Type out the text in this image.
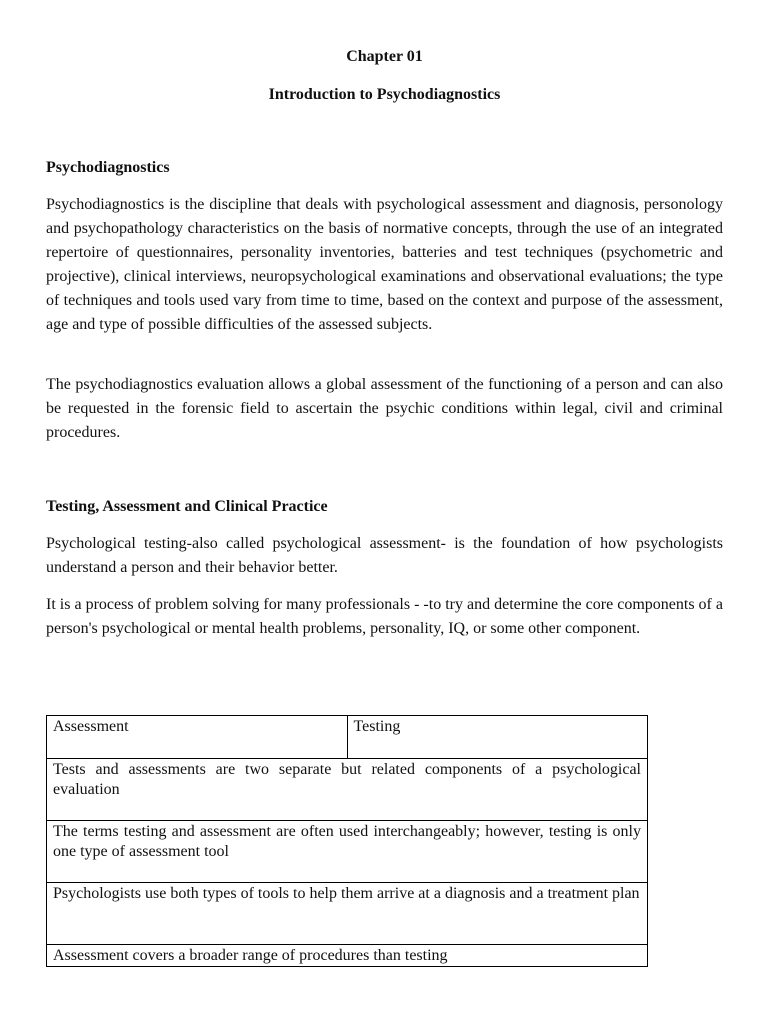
Chapter 01
Introduction to Psychodiagnostics
Psychodiagnostics

Psychodiagnostics is the discipline that deals with psychological assessment and diagnosis, personology and psychopathology characteristics on the basis of normative concepts, through the use of an integrated repertoire of questionnaires, personality inventories, batteries and test techniques (psychometric and projective), clinical interviews, neuropsychological examinations and observational evaluations; the type of techniques and tools used vary from time to time, based on the context and purpose of the assessment, age and type of possible difficulties of the assessed subjects.

The psychodiagnostics evaluation allows a global assessment of the functioning of a person and can also be requested in the forensic field to ascertain the psychic conditions within legal, civil and criminal procedures.

Testing, Assessment and Clinical Practice

Psychological testing-also called psychological assessment- is the foundation of how psychologists understand a person and their behavior better.

It is a process of problem solving for many professionals - -to try and determine the core components of a person's psychological or mental health problems, personality, IQ, or some other component.

Assessment	Testing
Tests and assessments are two separate but related components of a psychological evaluation
The terms testing and assessment are often used interchangeably; however, testing is only one type of assessment tool
Psychologists use both types of tools to help them arrive at a diagnosis and a treatment plan
Assessment covers a broader range of procedures than testing
